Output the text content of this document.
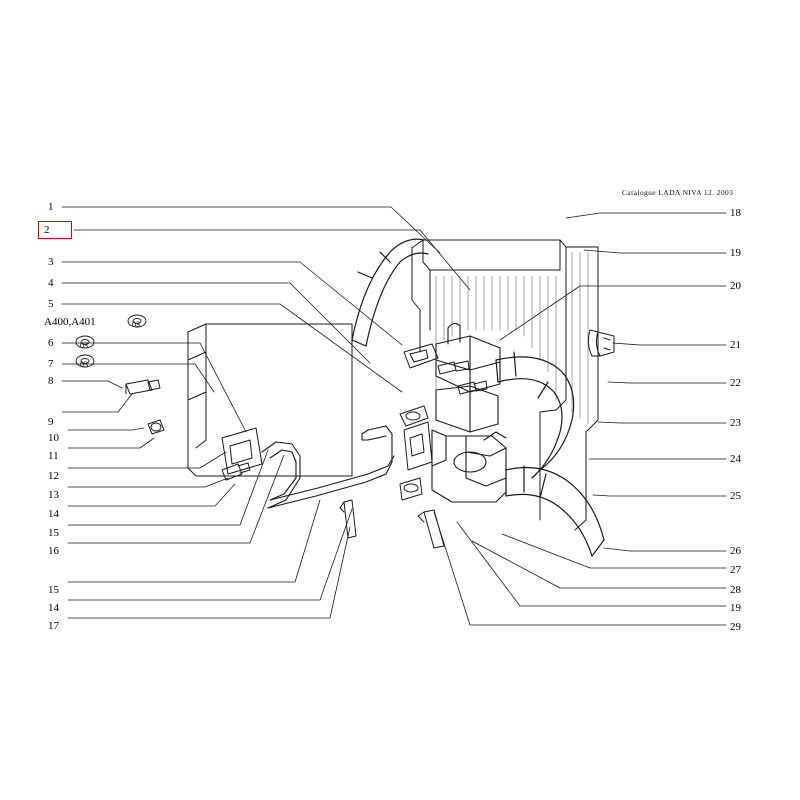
Catalogue LADA NIVA 12. 2003
1
2
3
4
5
A400,A401
6
7
8
9
10
11
12
13
14
15
16
15
14
17
18
19
20
21
22
23
24
25
26
27
28
19
29
03
03
03
